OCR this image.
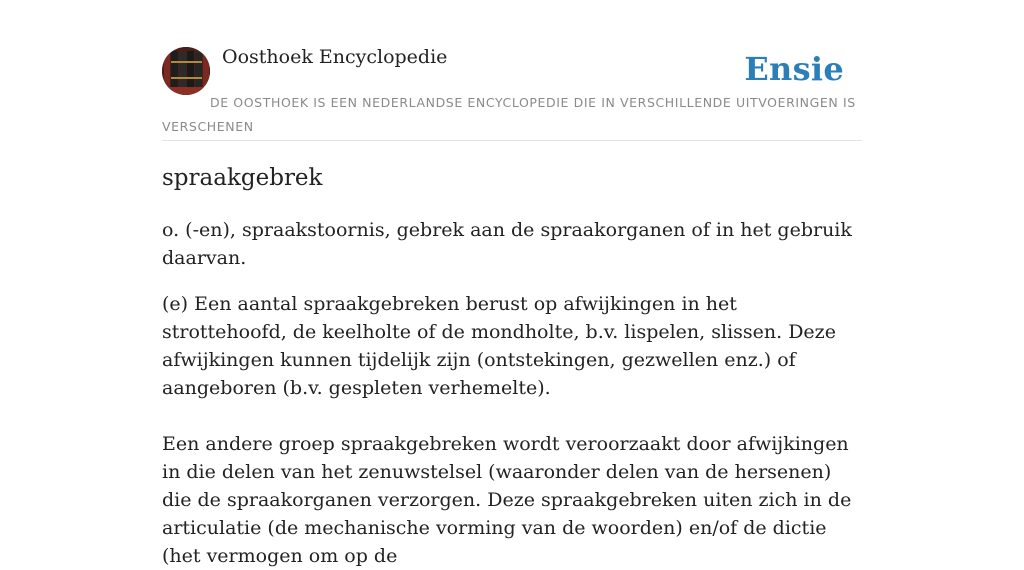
Oosthoek Encyclopedie	Ensie
DE OOSTHOEK IS EEN NEDERLANDSE ENCYCLOPEDIE DIE IN VERSCHILLENDE UITVOERINGEN IS VERSCHENEN
spraakgebrek

o. (-en), spraakstoornis, gebrek aan de spraakorganen of in het gebruik daarvan.

(e) Een aantal spraakgebreken berust op afwijkingen in het strottehoofd, de keelholte of de mondholte, b.v. lispelen, slissen. Deze afwijkingen kunnen tijdelijk zijn (ontstekingen, gezwellen enz.) of aangeboren (b.v. gespleten verhemelte).

Een andere groep spraakgebreken wordt veroorzaakt door afwijkingen in die delen van het zenuwstelsel (waaronder delen van de hersenen) die de spraakorganen verzorgen. Deze spraakgebreken uiten zich in de articulatie (de mechanische vorming van de woorden) en/of de dictie (het vermogen om op de
